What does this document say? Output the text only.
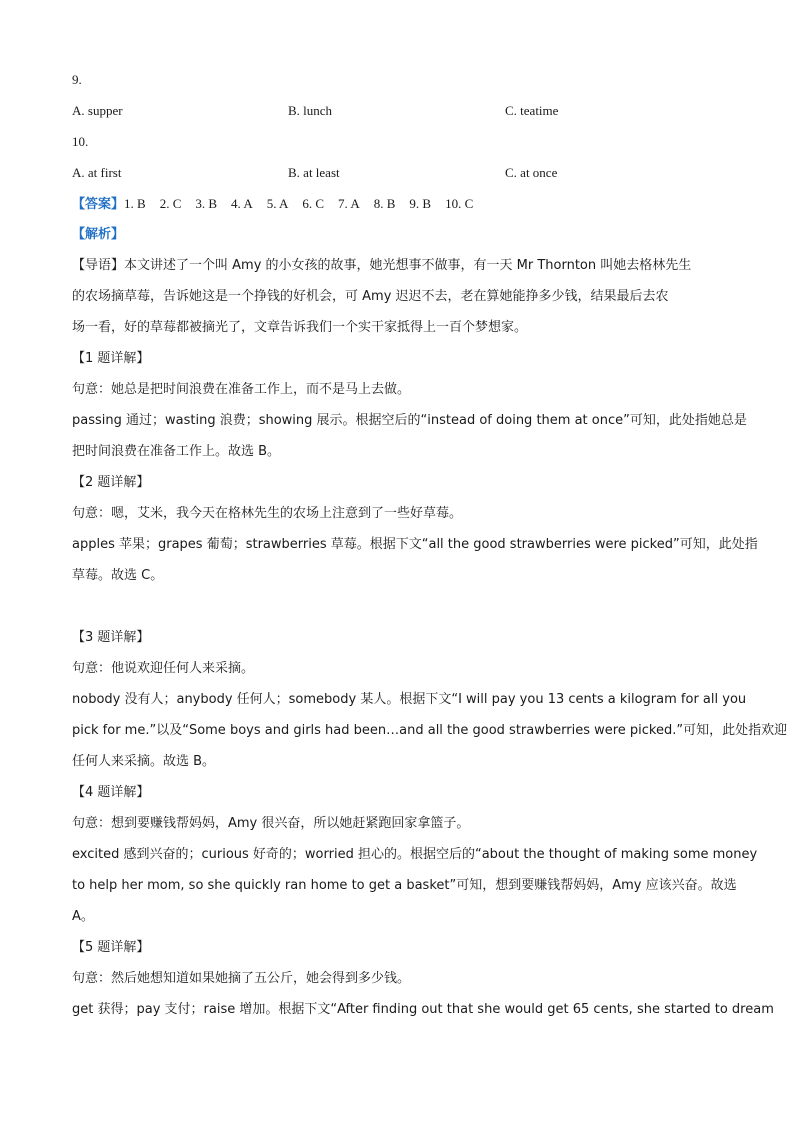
9.
A. supper	B. lunch	C. teatime
10.
A. at first	B. at least	C. at once
【答案】1. B 2. C 3. B 4. A 5. A 6. C 7. A 8. B 9. B 10. C
【解析】
【导语】本文讲述了一个叫 Amy 的小女孩的故事，她光想事不做事，有一天 Mr Thornton 叫她去格林先生
的农场摘草莓，告诉她这是一个挣钱的好机会，可 Amy 迟迟不去，老在算她能挣多少钱，结果最后去农
场一看，好的草莓都被摘光了，文章告诉我们一个实干家抵得上一百个梦想家。
【1 题详解】
句意：她总是把时间浪费在准备工作上，而不是马上去做。
passing 通过；wasting 浪费；showing 展示。根据空后的“instead of doing them at once”可知，此处指她总是
把时间浪费在准备工作上。故选 B。
【2 题详解】
句意：嗯，艾米，我今天在格林先生的农场上注意到了一些好草莓。
apples 苹果；grapes 葡萄；strawberries 草莓。根据下文“all the good strawberries were picked”可知，此处指
草莓。故选 C。
【3 题详解】
句意：他说欢迎任何人来采摘。
nobody 没有人；anybody 任何人；somebody 某人。根据下文“I will pay you 13 cents a kilogram for all you
pick for me.”以及“Some boys and girls had been…and all the good strawberries were picked.”可知，此处指欢迎
任何人来采摘。故选 B。
【4 题详解】
句意：想到要赚钱帮妈妈，Amy 很兴奋，所以她赶紧跑回家拿篮子。
excited 感到兴奋的；curious 好奇的；worried 担心的。根据空后的“about the thought of making some money
to help her mom, so she quickly ran home to get a basket”可知，想到要赚钱帮妈妈，Amy 应该兴奋。故选
A。
【5 题详解】
句意：然后她想知道如果她摘了五公斤，她会得到多少钱。
get 获得；pay 支付；raise 增加。根据下文“After finding out that she would get 65 cents, she started to dream
